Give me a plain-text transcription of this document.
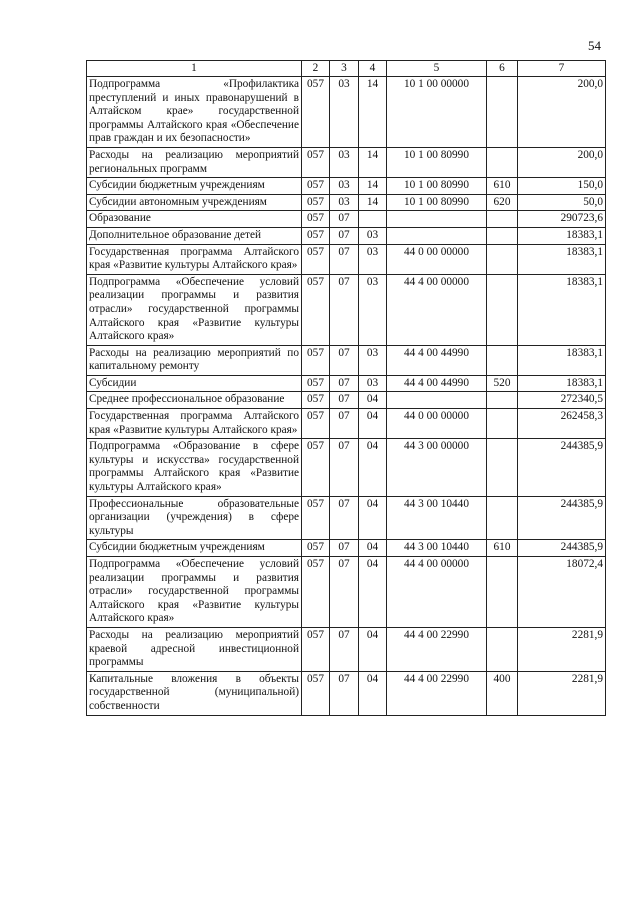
54
1	2	3	4	5	6	7
Подпрограмма «Профилактика преступлений и иных правонарушений в Алтайском крае» государственной программы Алтайского края «Обеспечение прав граждан и их безопасности»	057	03	14	10 1 00 00000		200,0
Расходы на реализацию мероприятий региональных программ	057	03	14	10 1 00 80990		200,0
Субсидии бюджетным учреждениям	057	03	14	10 1 00 80990	610	150,0
Субсидии автономным учреждениям	057	03	14	10 1 00 80990	620	50,0
Образование	057	07				290723,6
Дополнительное образование детей	057	07	03			18383,1
Государственная программа Алтайского края «Развитие культуры Алтайского края»	057	07	03	44 0 00 00000		18383,1
Подпрограмма «Обеспечение условий реализации программы и развития отрасли» государственной программы Алтайского края «Развитие культуры Алтайского края»	057	07	03	44 4 00 00000		18383,1
Расходы на реализацию мероприятий по капитальному ремонту	057	07	03	44 4 00 44990		18383,1
Субсидии	057	07	03	44 4 00 44990	520	18383,1
Среднее профессиональное образование	057	07	04			272340,5
Государственная программа Алтайского края «Развитие культуры Алтайского края»	057	07	04	44 0 00 00000		262458,3
Подпрограмма «Образование в сфере культуры и искусства» государственной программы Алтайского края «Развитие культуры Алтайского края»	057	07	04	44 3 00 00000		244385,9
Профессиональные образовательные организации (учреждения) в сфере культуры	057	07	04	44 3 00 10440		244385,9
Субсидии бюджетным учреждениям	057	07	04	44 3 00 10440	610	244385,9
Подпрограмма «Обеспечение условий реализации программы и развития отрасли» государственной программы Алтайского края «Развитие культуры Алтайского края»	057	07	04	44 4 00 00000		18072,4
Расходы на реализацию мероприятий краевой адресной инвестиционной программы	057	07	04	44 4 00 22990		2281,9
Капитальные вложения в объекты государственной (муниципальной) собственности	057	07	04	44 4 00 22990	400	2281,9
